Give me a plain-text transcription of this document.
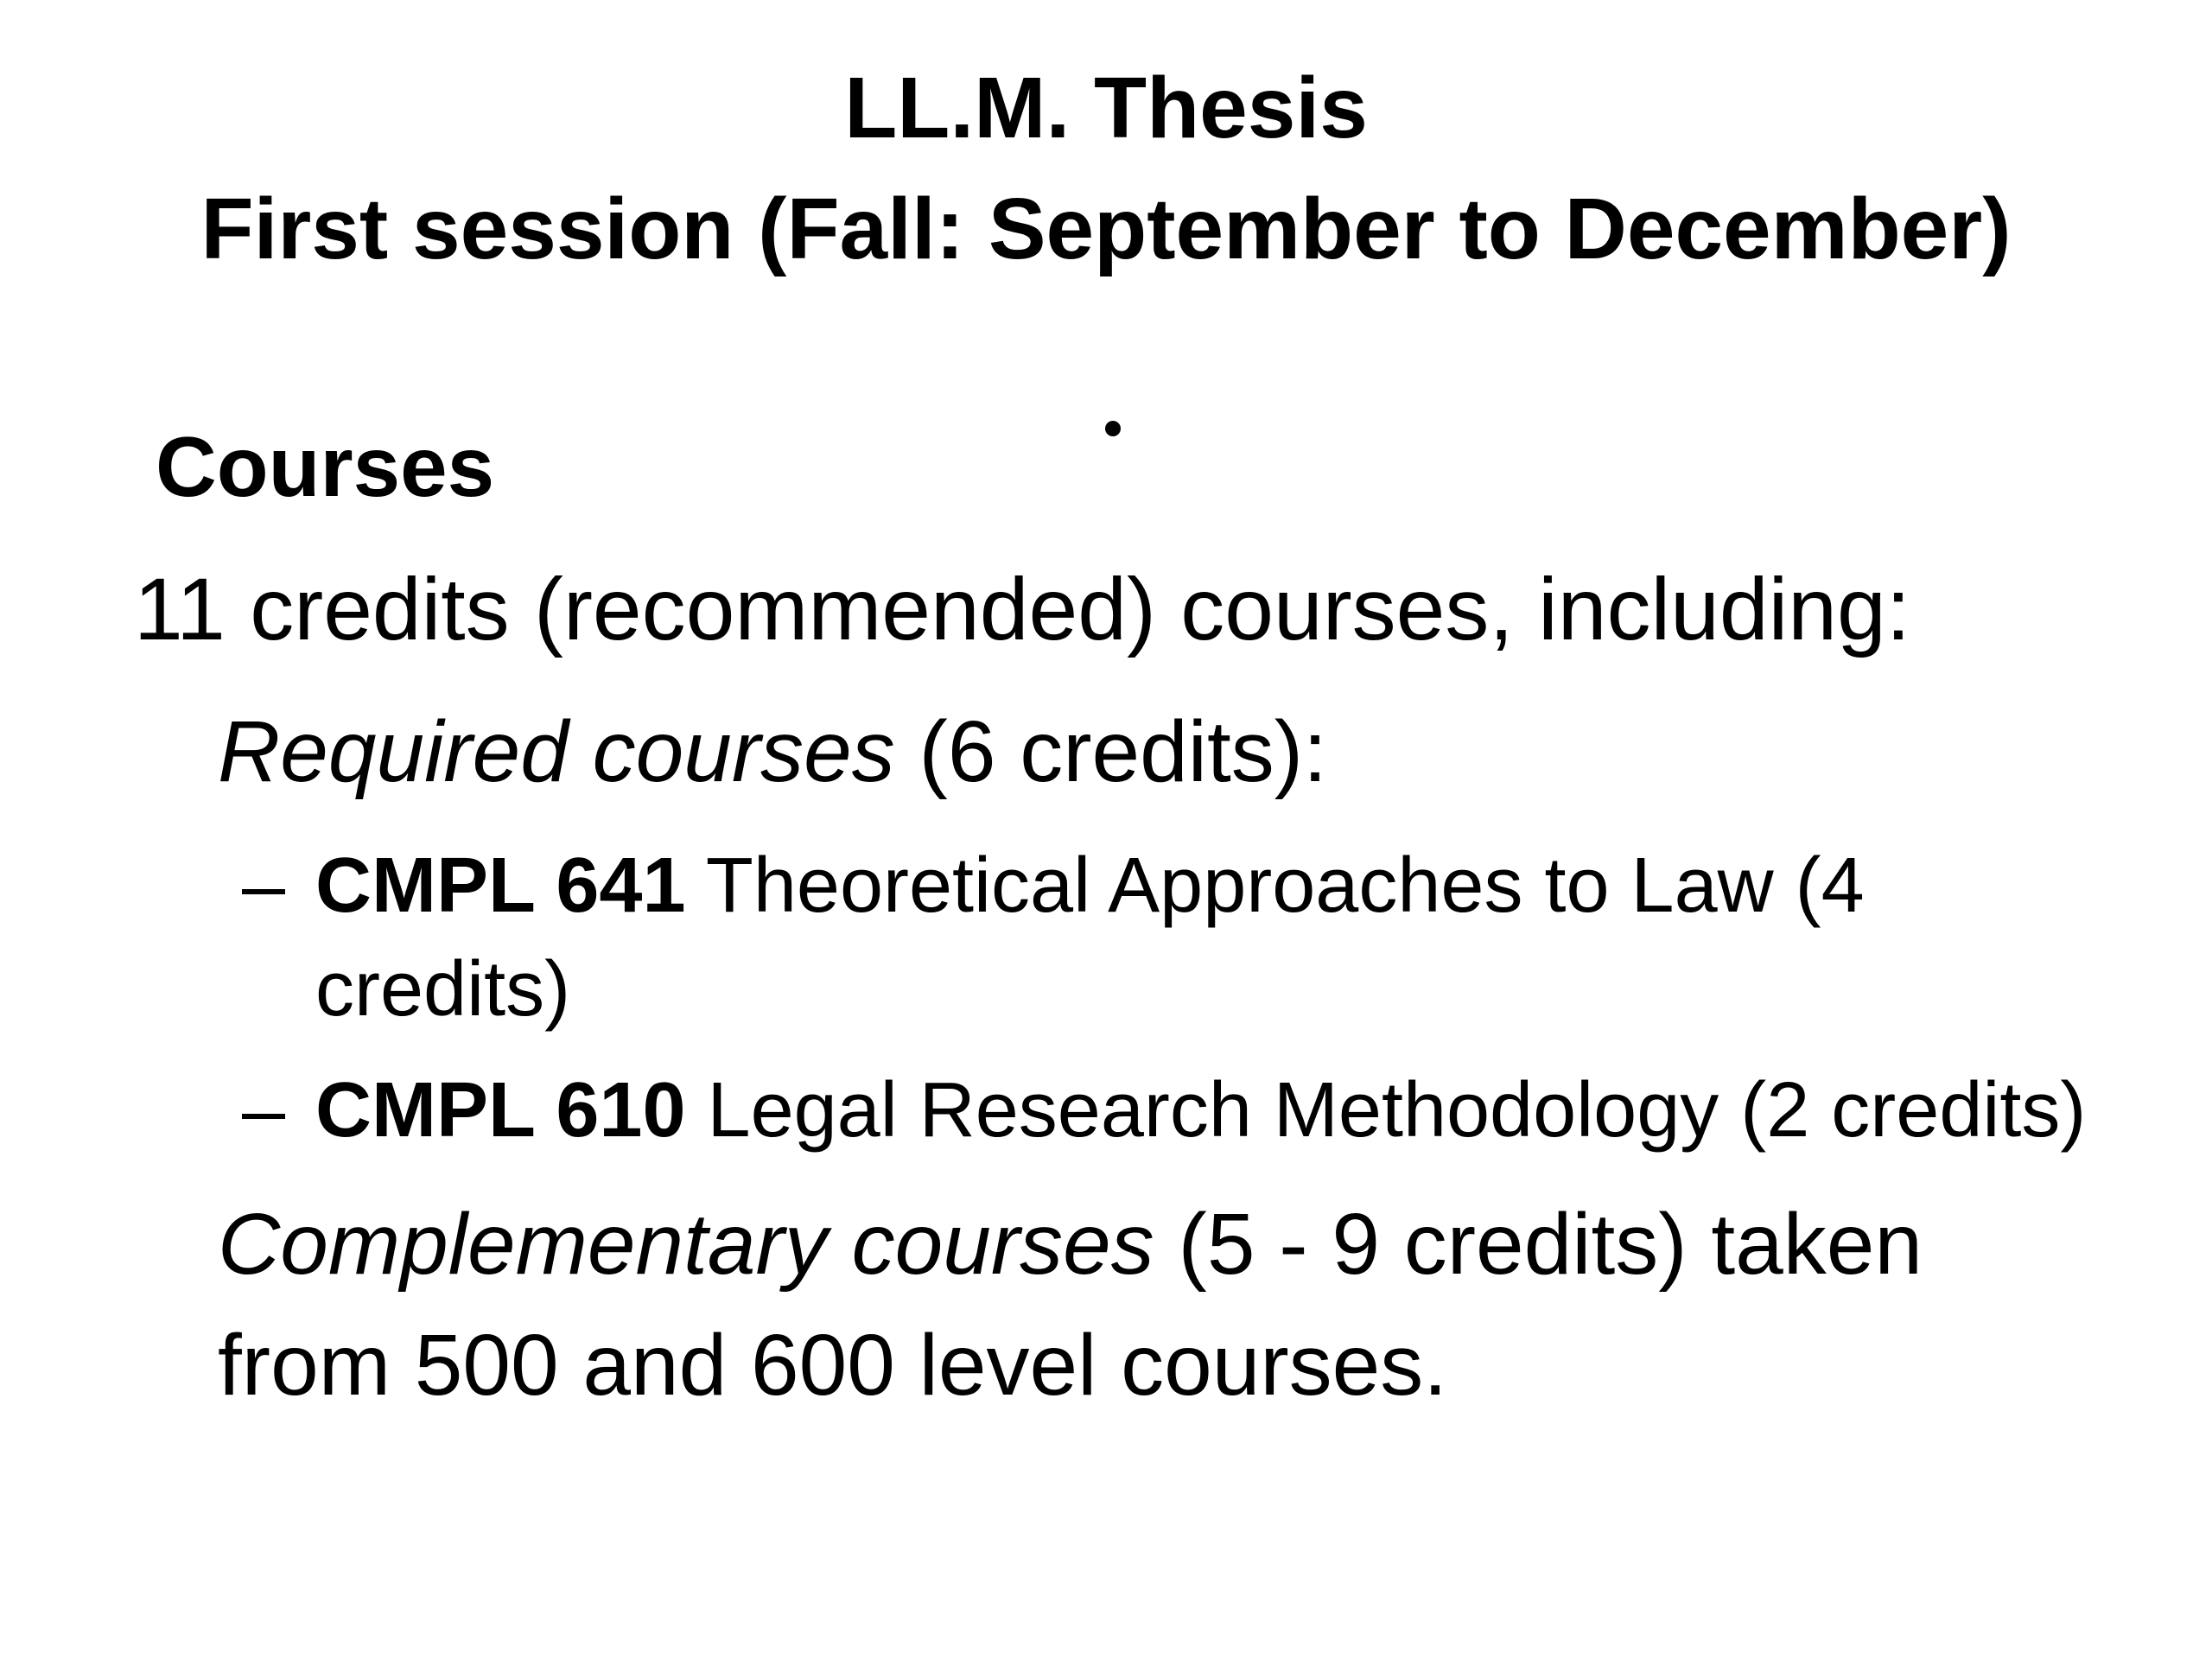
LL.M. Thesis
First session (Fall: September to December)
Courses
11 credits (recommended) courses, including:
Required courses (6 credits):
– CMPL 641 Theoretical Approaches to Law (4
credits)
– CMPL 610 Legal Research Methodology (2 credits)
Complementary courses (5 - 9 credits) taken
from 500 and 600 level courses.
